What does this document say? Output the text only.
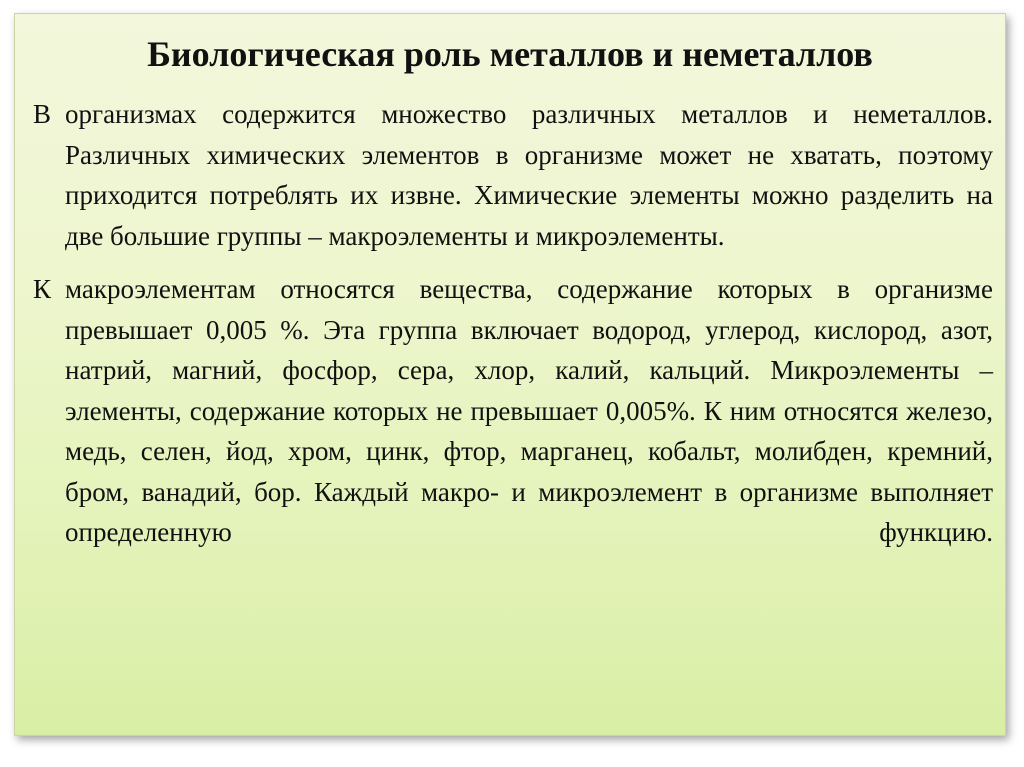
Биологическая роль металлов и неметаллов

В организмах содержится множество различных металлов и неметаллов. Различных химических элементов в организме может не хватать, поэтому приходится потреблять их извне. Химические элементы можно разделить на две большие группы – макроэлементы и микроэлементы.

К макроэлементам относятся вещества, содержание которых в организме превышает 0,005 %. Эта группа включает водород, углерод, кислород, азот, натрий, магний, фосфор, сера, хлор, калий, кальций. Микроэлементы – элементы, содержание которых не превышает 0,005%. К ним относятся железо, медь, селен, йод, хром, цинк, фтор, марганец, кобальт, молибден, кремний, бром, ванадий, бор. Каждый макро- и микроэлемент в организме выполняет определенную функцию.
